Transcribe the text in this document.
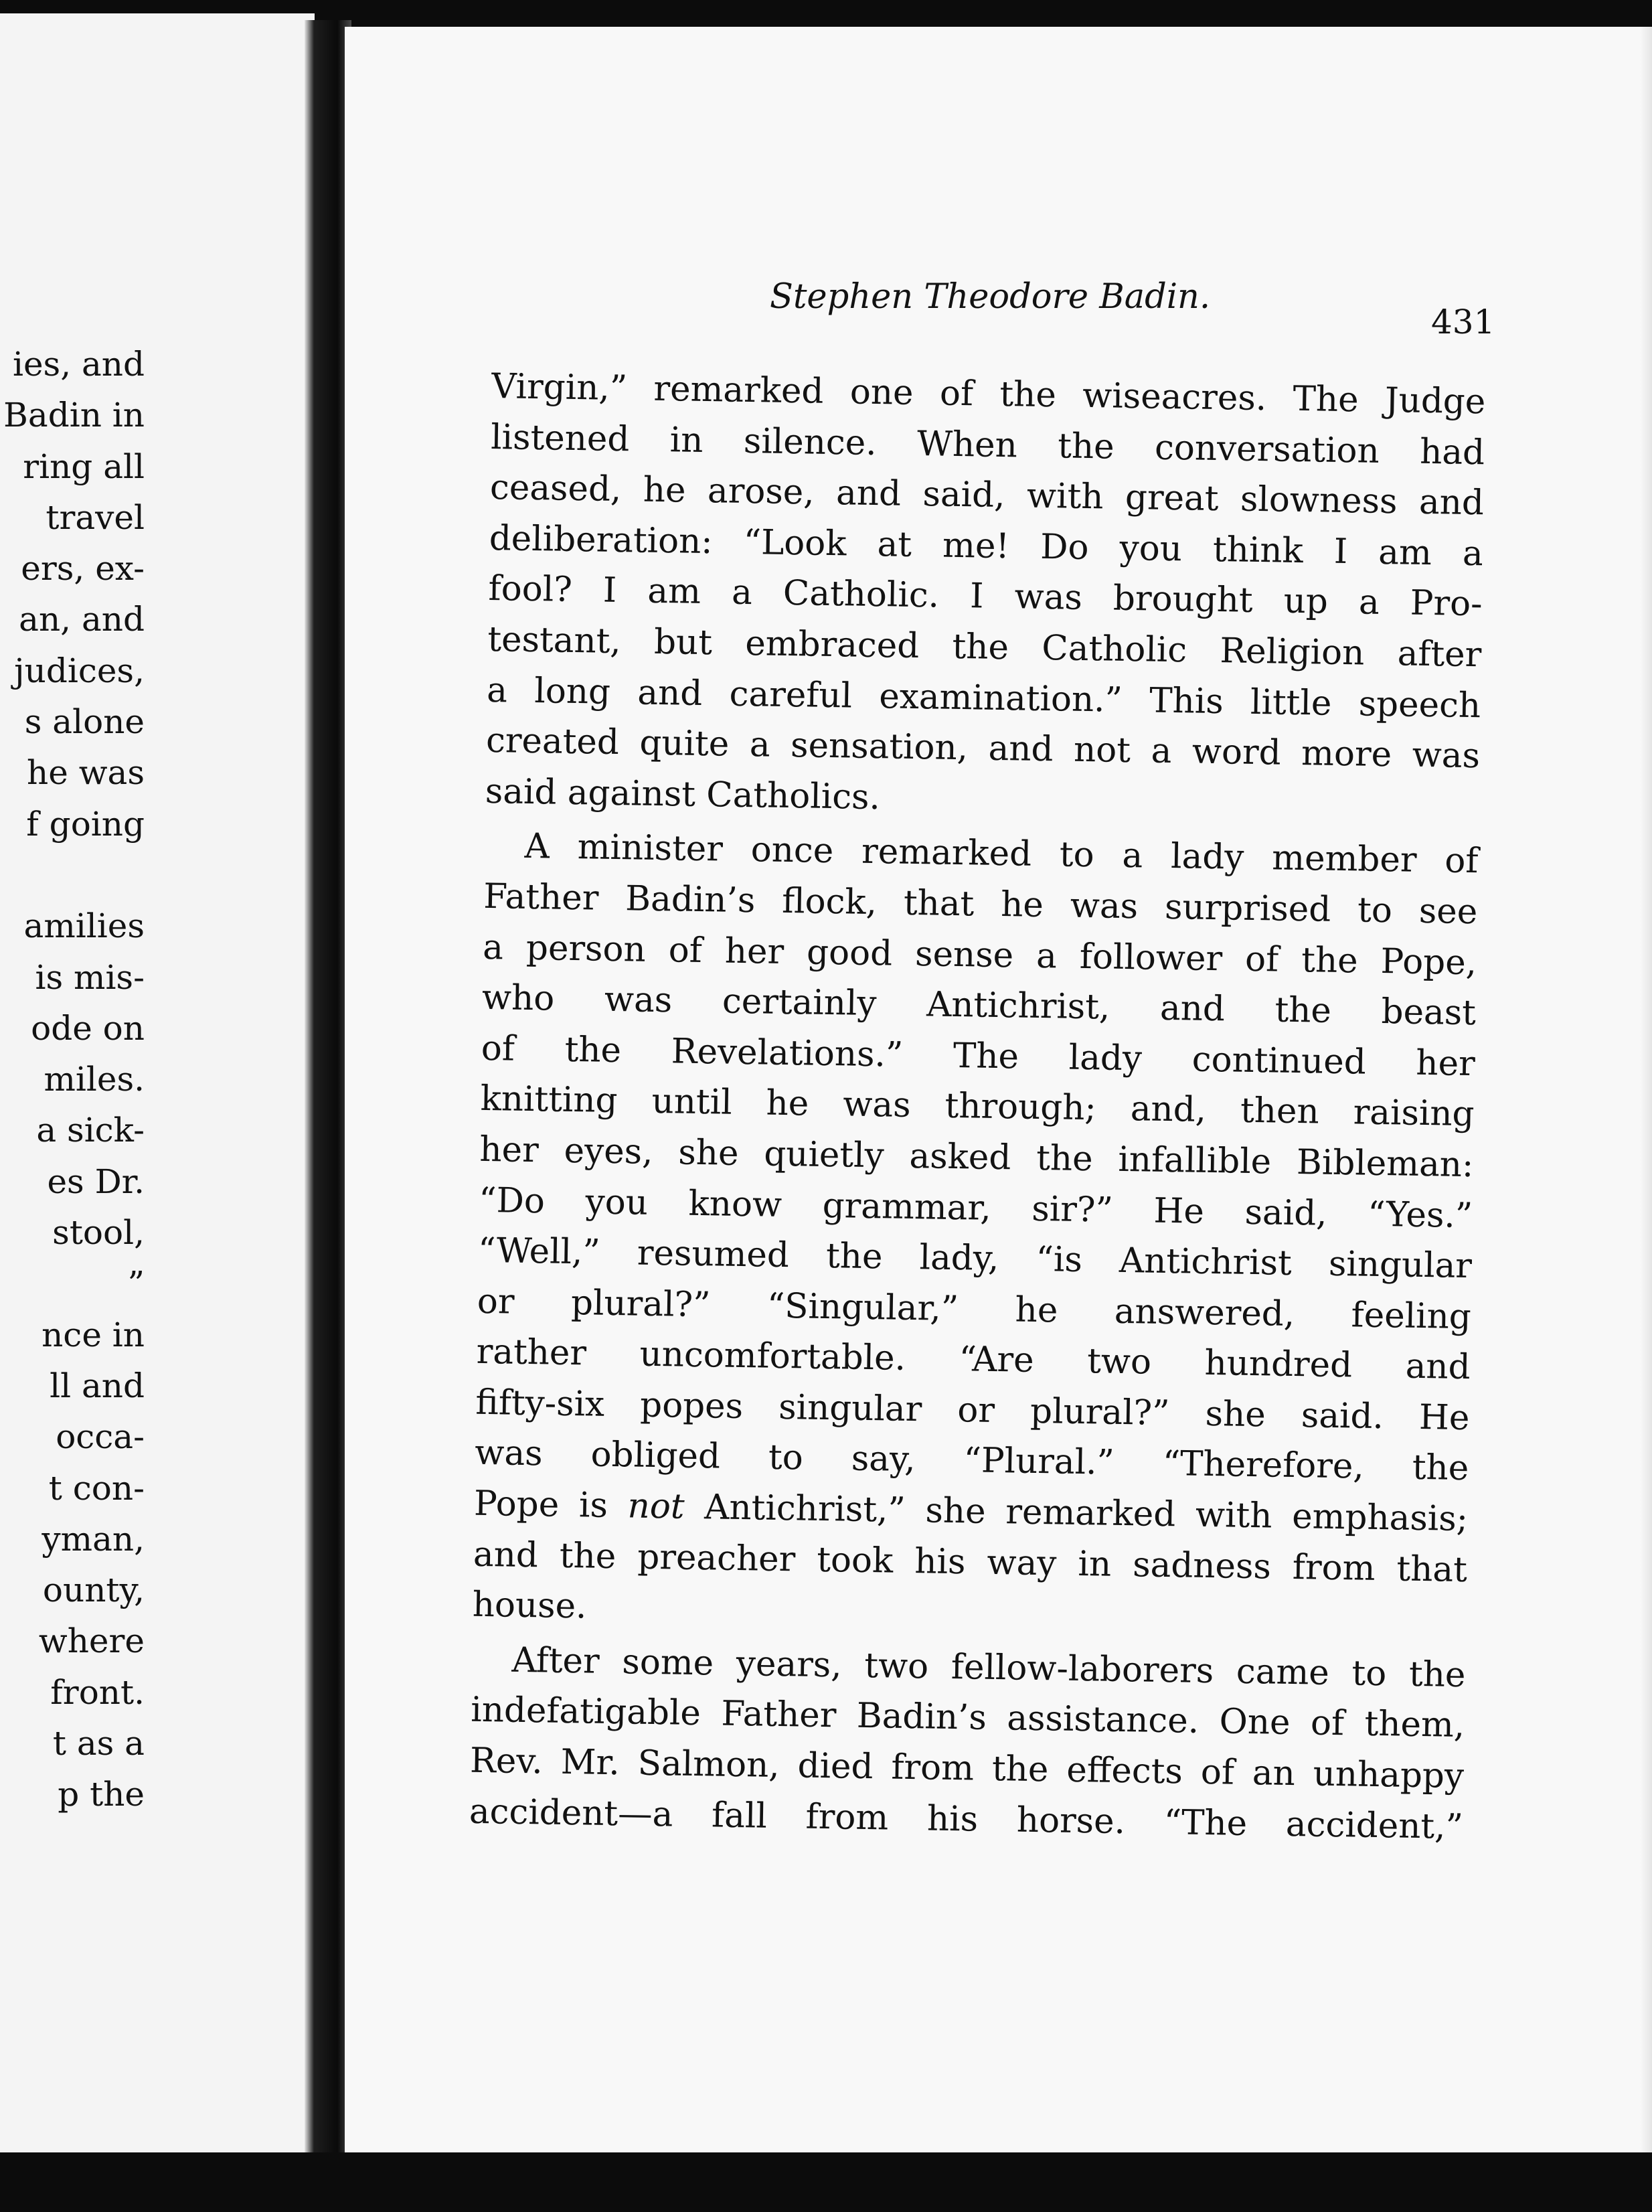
ies, and
Badin in
ring all
travel
ers, ex-
an, and
judices,
s alone
he was
f going
amilies
is mis-
ode on
miles.
a sick-
es Dr.
stool,
”
nce in
ll and
occa-
t con-
yman,
ounty,
where
front.
t as a
p the

Stephen Theodore Badin.

431

Virgin,” remarked one of the wiseacres. The Judge
listened in silence. When the conversation had
ceased, he arose, and said, with great slowness and
deliberation: “Look at me! Do you think I am a
fool? I am a Catholic. I was brought up a Pro-
testant, but embraced the Catholic Religion after
a long and careful examination.” This little speech
created quite a sensation, and not a word more was
said against Catholics.
A minister once remarked to a lady member of
Father Badin’s flock, that he was surprised to see
a person of her good sense a follower of the Pope,
who was certainly Antichrist, and the beast
of the Revelations.” The lady continued her
knitting until he was through; and, then raising
her eyes, she quietly asked the infallible Bibleman:
“Do you know grammar, sir?” He said, “Yes.”
“Well,” resumed the lady, “is Antichrist singular
or plural?” “Singular,” he answered, feeling
rather uncomfortable. “Are two hundred and
fifty-six popes singular or plural?” she said. He
was obliged to say, “Plural.” “Therefore, the
Pope is not Antichrist,” she remarked with emphasis;
and the preacher took his way in sadness from that
house.
After some years, two fellow-laborers came to the
indefatigable Father Badin’s assistance. One of them,
Rev. Mr. Salmon, died from the effects of an unhappy
accident—a fall from his horse. “The accident,”
